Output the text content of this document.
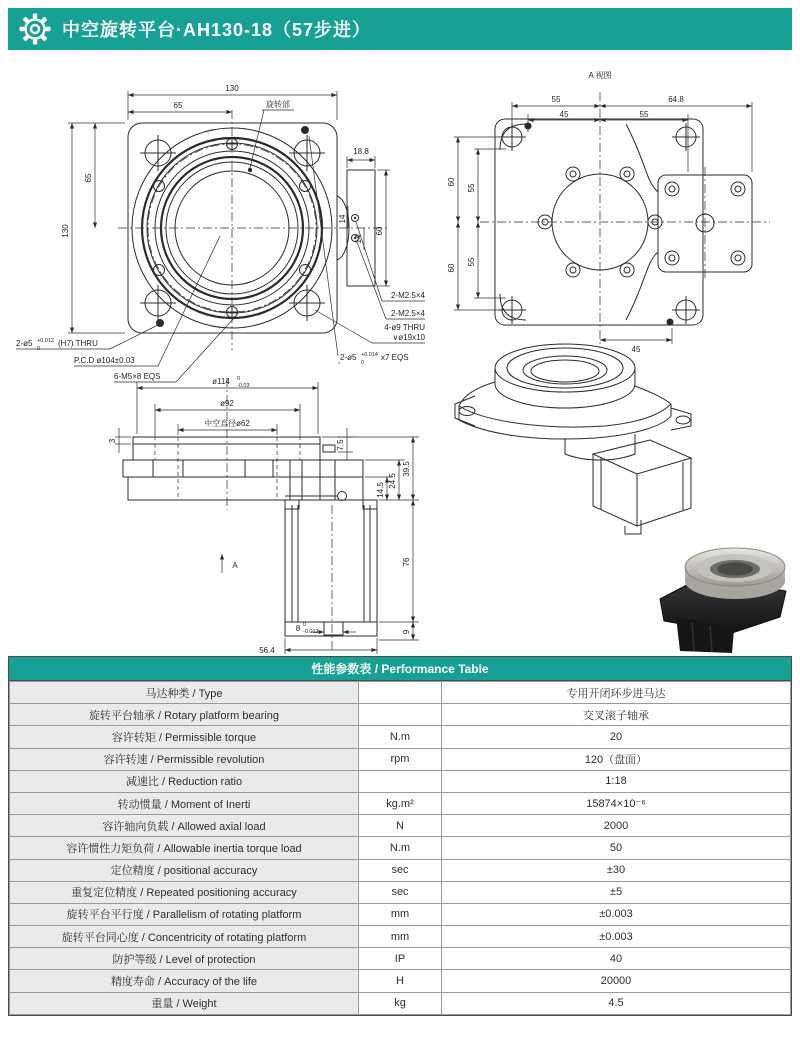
中空旋转平台·AH130-18（57步进）
130
65
130
65
18.8
60
14
14
旋转部
2-ø5 +0.012
0
(H7) THRU
P.C.D ø104±0.03
6-M5×8 EQS
2-M2.5×4
2-M2.5×4
4-ø9 THRU
∨ø19x10
2-ø5 +0.014
0
x7 EQS
A 视图
55	64.8
45	55
60
60
55
55
45
A
ø114 0
-0.03
ø92
中空直径ø62
3	7.5
14.5
24.5
39.5
76
9
8 0
-0.012
56.4
性能参数表 / Performance Table
马达种类 / Type		专用开闭环步进马达
旋转平台轴承 / Rotary platform bearing		交叉滚子轴承
容许转矩 / Permissible torque	N.m	20
容许转速 / Permissible revolution	rpm	120（盘面）
减速比 / Reduction ratio		1:18
转动惯量 / Moment of Inerti	kg.m²	15874×10⁻⁶
容许轴向负载 / Allowed axial load	N	2000
容许惯性力矩负荷 / Allowable inertia torque load	N.m	50
定位精度 / positional accuracy	sec	±30
重复定位精度 / Repeated positioning accuracy	sec	±5
旋转平台平行度 / Parallelism of rotating platform	mm	±0.003
旋转平台同心度 / Concentricity of rotating platform	mm	±0.003
防护等级 / Level of protection	IP	40
精度寿命 / Accuracy of the life	H	20000
重量 / Weight	kg	4.5
